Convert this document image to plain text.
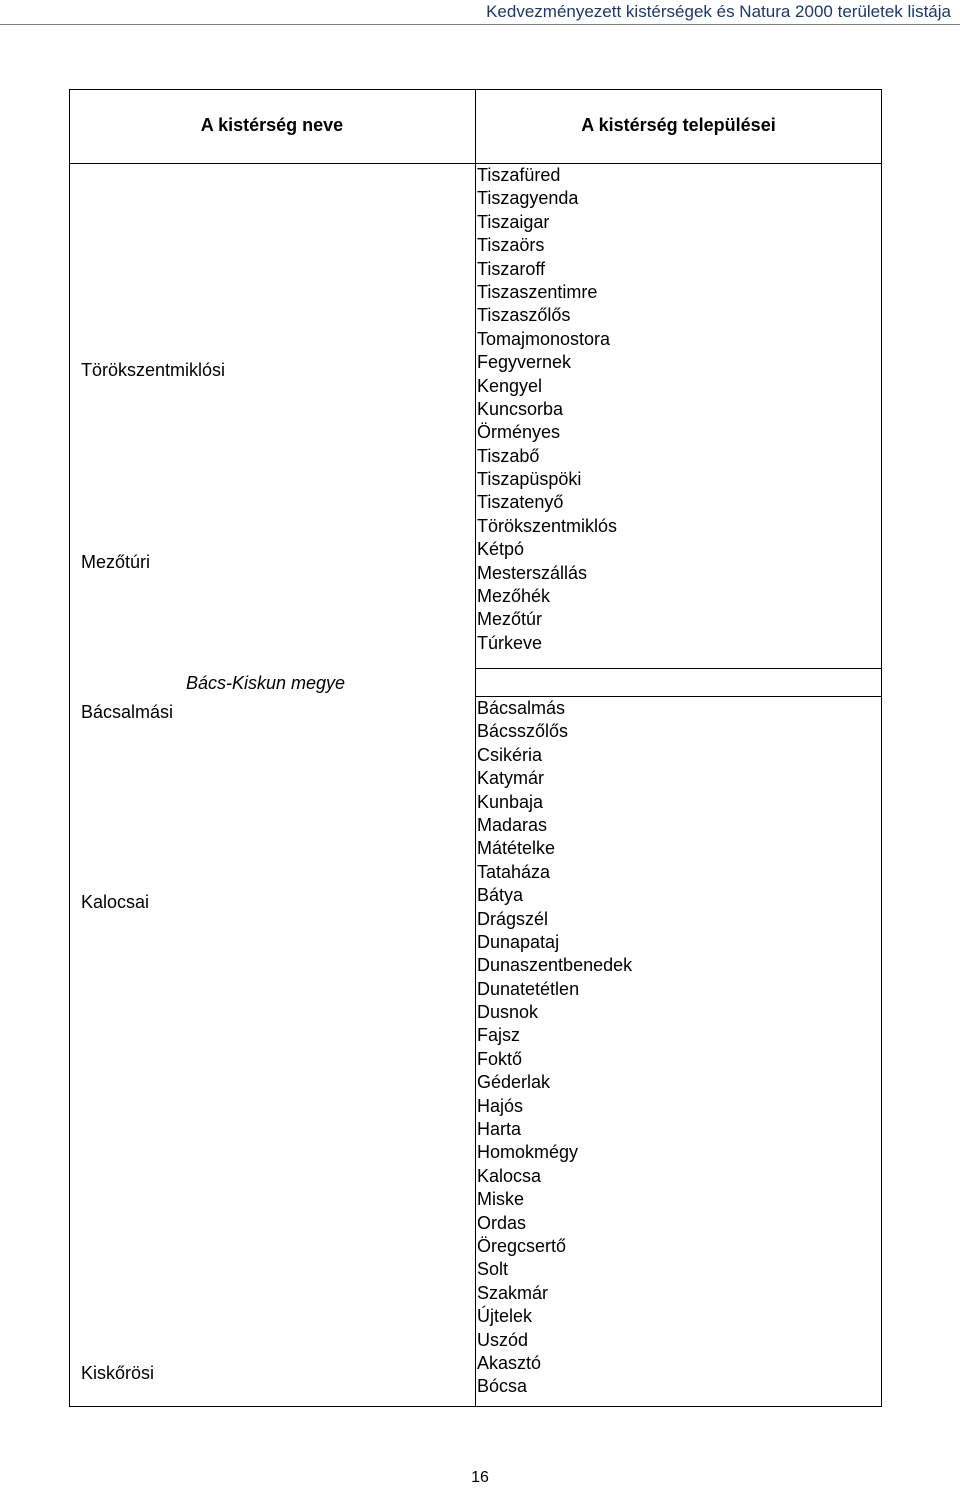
Kedvezményezett kistérségek és Natura 2000 területek listája
A kistérség neve	A kistérség települései
Törökszentmiklósi
Mezőtúri
Bács-Kiskun megye
Bácsalmási
Kalocsai
Kiskőrösi
Tiszafüred
Tiszagyenda
Tiszaigar
Tiszaörs
Tiszaroff
Tiszaszentimre
Tiszaszőlős
Tomajmonostora
Fegyvernek
Kengyel
Kuncsorba
Örményes
Tiszabő
Tiszapüspöki
Tiszatenyő
Törökszentmiklós
Kétpó
Mesterszállás
Mezőhék
Mezőtúr
Túrkeve
Bácsalmás
Bácsszőlős
Csikéria
Katymár
Kunbaja
Madaras
Mátételke
Tataháza
Bátya
Drágszél
Dunapataj
Dunaszentbenedek
Dunatetétlen
Dusnok
Fajsz
Foktő
Géderlak
Hajós
Harta
Homokmégy
Kalocsa
Miske
Ordas
Öregcsertő
Solt
Szakmár
Újtelek
Uszód
Akasztó
Bócsa
16
